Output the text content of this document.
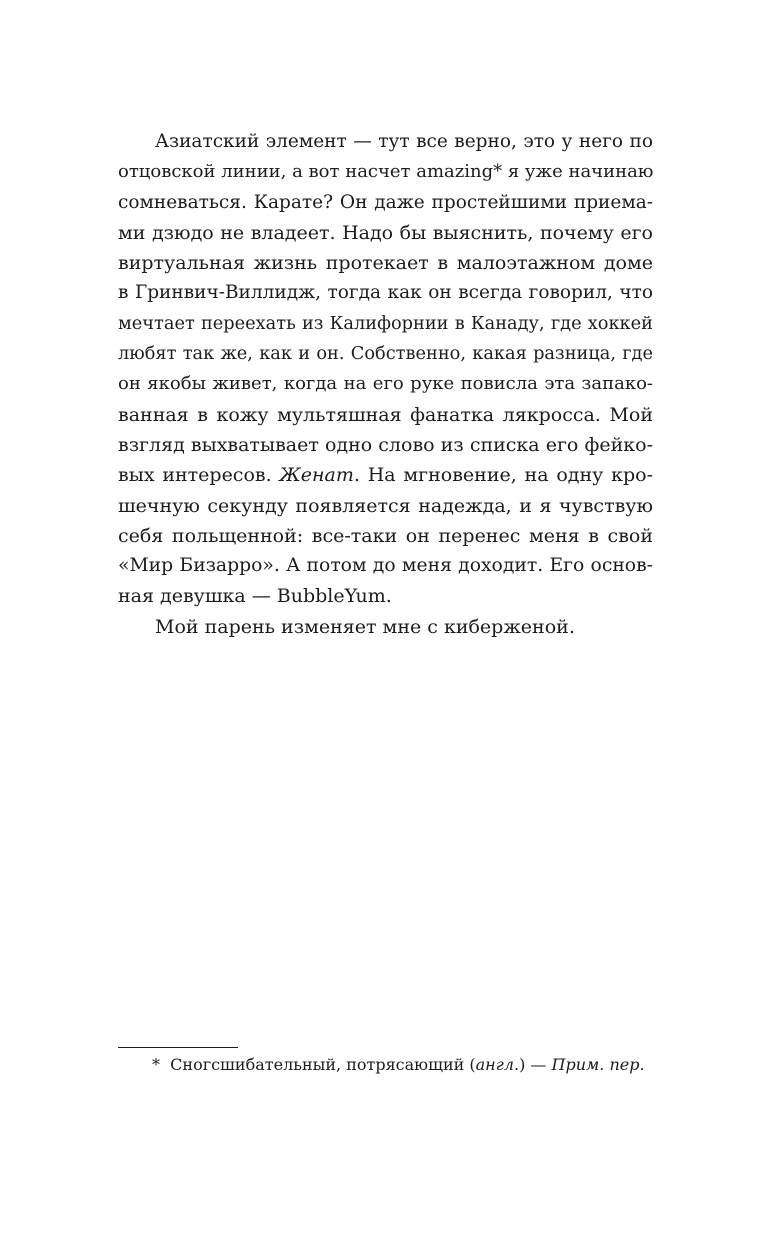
Азиатский элемент — тут все верно, это у него по
отцовской линии, а вот насчет amazing* я уже начинаю
сомневаться. Карате? Он даже простейшими приема-
ми дзюдо не владеет. Надо бы выяснить, почему его
виртуальная жизнь протекает в малоэтажном доме
в Гринвич-Виллидж, тогда как он всегда говорил, что
мечтает переехать из Калифорнии в Канаду, где хоккей
любят так же, как и он. Собственно, какая разница, где
он якобы живет, когда на его руке повисла эта запако-
ванная в кожу мультяшная фанатка лякросса. Мой
взгляд выхватывает одно слово из списка его фейко-
вых интересов. Женат. На мгновение, на одну кро-
шечную секунду появляется надежда, и я чувствую
себя польщенной: все-таки он перенес меня в свой
«Мир Бизарро». А потом до меня доходит. Его основ-
ная девушка — BubbleYum.
Мой парень изменяет мне с киберженой.
* Сногсшибательный, потрясающий (англ.) — Прим. пер.
